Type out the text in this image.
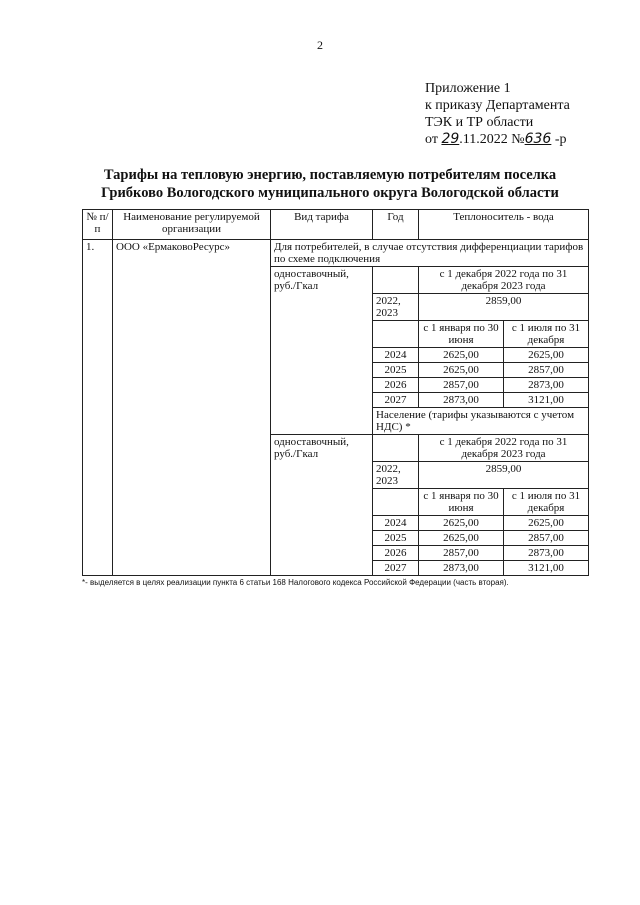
2
Приложение 1
к приказу Департамента
ТЭК и ТР области
от 29.11.2022 №636 -р
Тарифы на тепловую энергию, поставляемую потребителям поселка
Грибково Вологодского муниципального округа Вологодской области
№ п/п	Наименование регулируемой организации	Вид тарифа	Год	Теплоноситель - вода	
1.	ООО «ЕрмаковоРесурс»	Для потребителей, в случае отсутствия дифференциации тарифов по схеме подключения			
		одноставочный, руб./Гкал		с 1 декабря 2022 года по 31 декабря 2023 года	
			2022, 2023	2859,00	
				с 1 января по 30 июня	с 1 июля по 31 декабря
			2024	2625,00	2625,00
			2025	2625,00	2857,00
			2026	2857,00	2873,00
			2027	2873,00	3121,00
			Население (тарифы указываются с учетом НДС) *		
		одноставочный, руб./Гкал		с 1 декабря 2022 года по 31 декабря 2023 года	
			2022, 2023	2859,00	
				с 1 января по 30 июня	с 1 июля по 31 декабря
			2024	2625,00	2625,00
			2025	2625,00	2857,00
			2026	2857,00	2873,00
			2027	2873,00	3121,00
*- выделяется в целях реализации пункта 6 статьи 168 Налогового кодекса Российской Федерации (часть вторая).
